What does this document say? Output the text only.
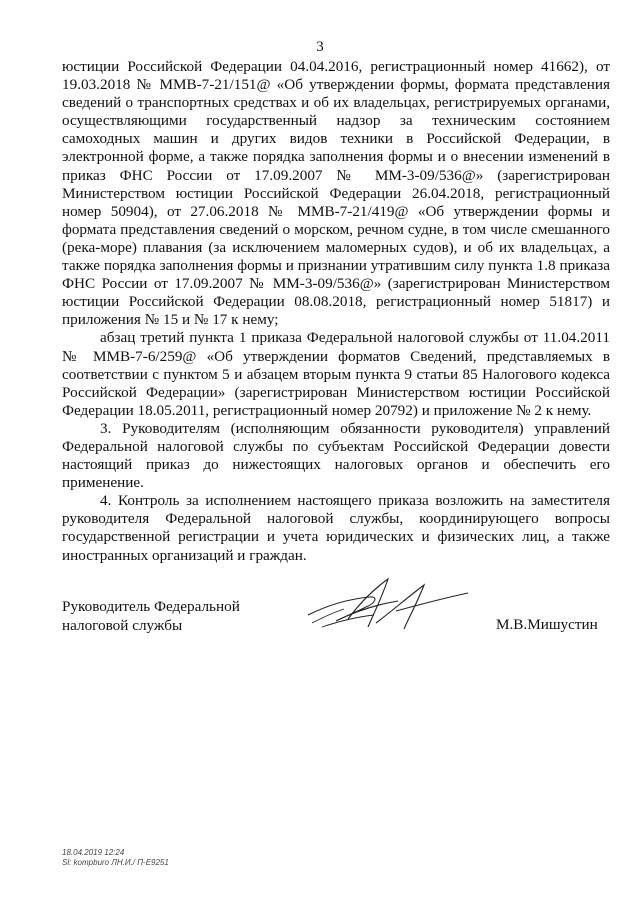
3

юстиции Российской Федерации 04.04.2016, регистрационный номер 41662), от 19.03.2018 № ММВ-7-21/151@ «Об утверждении формы, формата представления сведений о транспортных средствах и об их владельцах, регистрируемых органами, осуществляющими государственный надзор за техническим состоянием самоходных машин и других видов техники в Российской Федерации, в электронной форме, а также порядка заполнения формы и о внесении изменений в приказ ФНС России от 17.09.2007 № ММ-3-09/536@» (зарегистрирован Министерством юстиции Российской Федерации 26.04.2018, регистрационный номер 50904), от 27.06.2018 № ММВ-7-21/419@ «Об утверждении формы и формата представления сведений о морском, речном судне, в том числе смешанного (река-море) плавания (за исключением маломерных судов), и об их владельцах, а также порядка заполнения формы и признании утратившим силу пункта 1.8 приказа ФНС России от 17.09.2007 № ММ-3-09/536@» (зарегистрирован Министерством юстиции Российской Федерации 08.08.2018, регистрационный номер 51817) и приложения № 15 и № 17 к нему;

абзац третий пункта 1 приказа Федеральной налоговой службы от 11.04.2011 № ММВ-7-6/259@ «Об утверждении форматов Сведений, представляемых в соответствии с пунктом 5 и абзацем вторым пункта 9 статьи 85 Налогового кодекса Российской Федерации» (зарегистрирован Министерством юстиции Российской Федерации 18.05.2011, регистрационный номер 20792) и приложение № 2 к нему.

3. Руководителям (исполняющим обязанности руководителя) управлений Федеральной налоговой службы по субъектам Российской Федерации довести настоящий приказ до нижестоящих налоговых органов и обеспечить его применение.

4. Контроль за исполнением настоящего приказа возложить на заместителя руководителя Федеральной налоговой службы, координирующего вопросы государственной регистрации и учета юридических и физических лиц, а также иностранных организаций и граждан.

Руководитель Федеральной
налоговой службы	М.В.Мишустин
18.04.2019 12:24
Sl: kompburo ЛН.И./ П-Е9251
